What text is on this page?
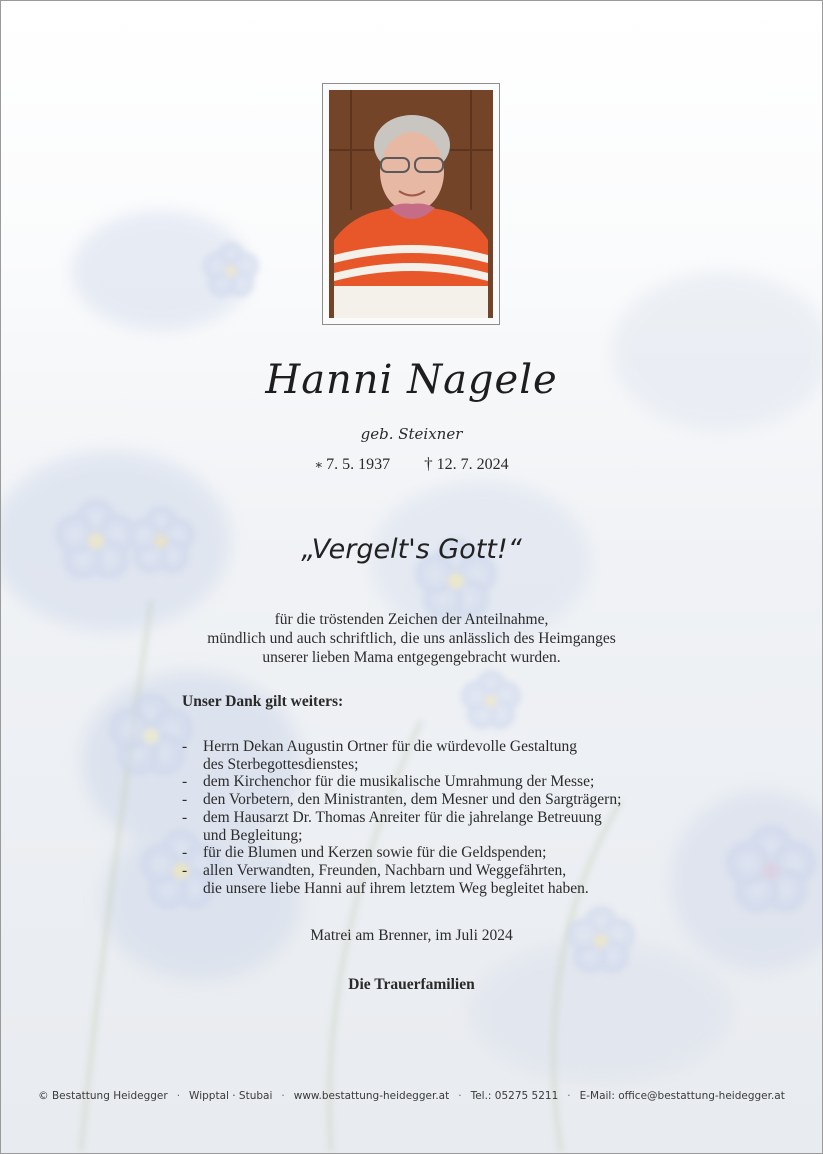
Hanni Nagele
geb. Steixner
∗ 7. 5. 1937 † 12. 7. 2024
„Vergelt's Gott!“
für die tröstenden Zeichen der Anteilnahme,
mündlich und auch schriftlich, die uns anlässlich des Heimganges
unserer lieben Mama entgegengebracht wurden.
Unser Dank gilt weiters:
- Herrn Dekan Augustin Ortner für die würdevolle Gestaltung
des Sterbegottesdienstes;
- dem Kirchenchor für die musikalische Umrahmung der Messe;
- den Vorbetern, den Ministranten, dem Mesner und den Sargträgern;
- dem Hausarzt Dr. Thomas Anreiter für die jahrelange Betreuung
und Begleitung;
- für die Blumen und Kerzen sowie für die Geldspenden;
- allen Verwandten, Freunden, Nachbarn und Weggefährten,
die unsere liebe Hanni auf ihrem letztem Weg begleitet haben.
Matrei am Brenner, im Juli 2024
Die Trauerfamilien
© Bestattung Heidegger · Wipptal · Stubai · www.bestattung-heidegger.at · Tel.: 05275 5211 · E-Mail: office@bestattung-heidegger.at
